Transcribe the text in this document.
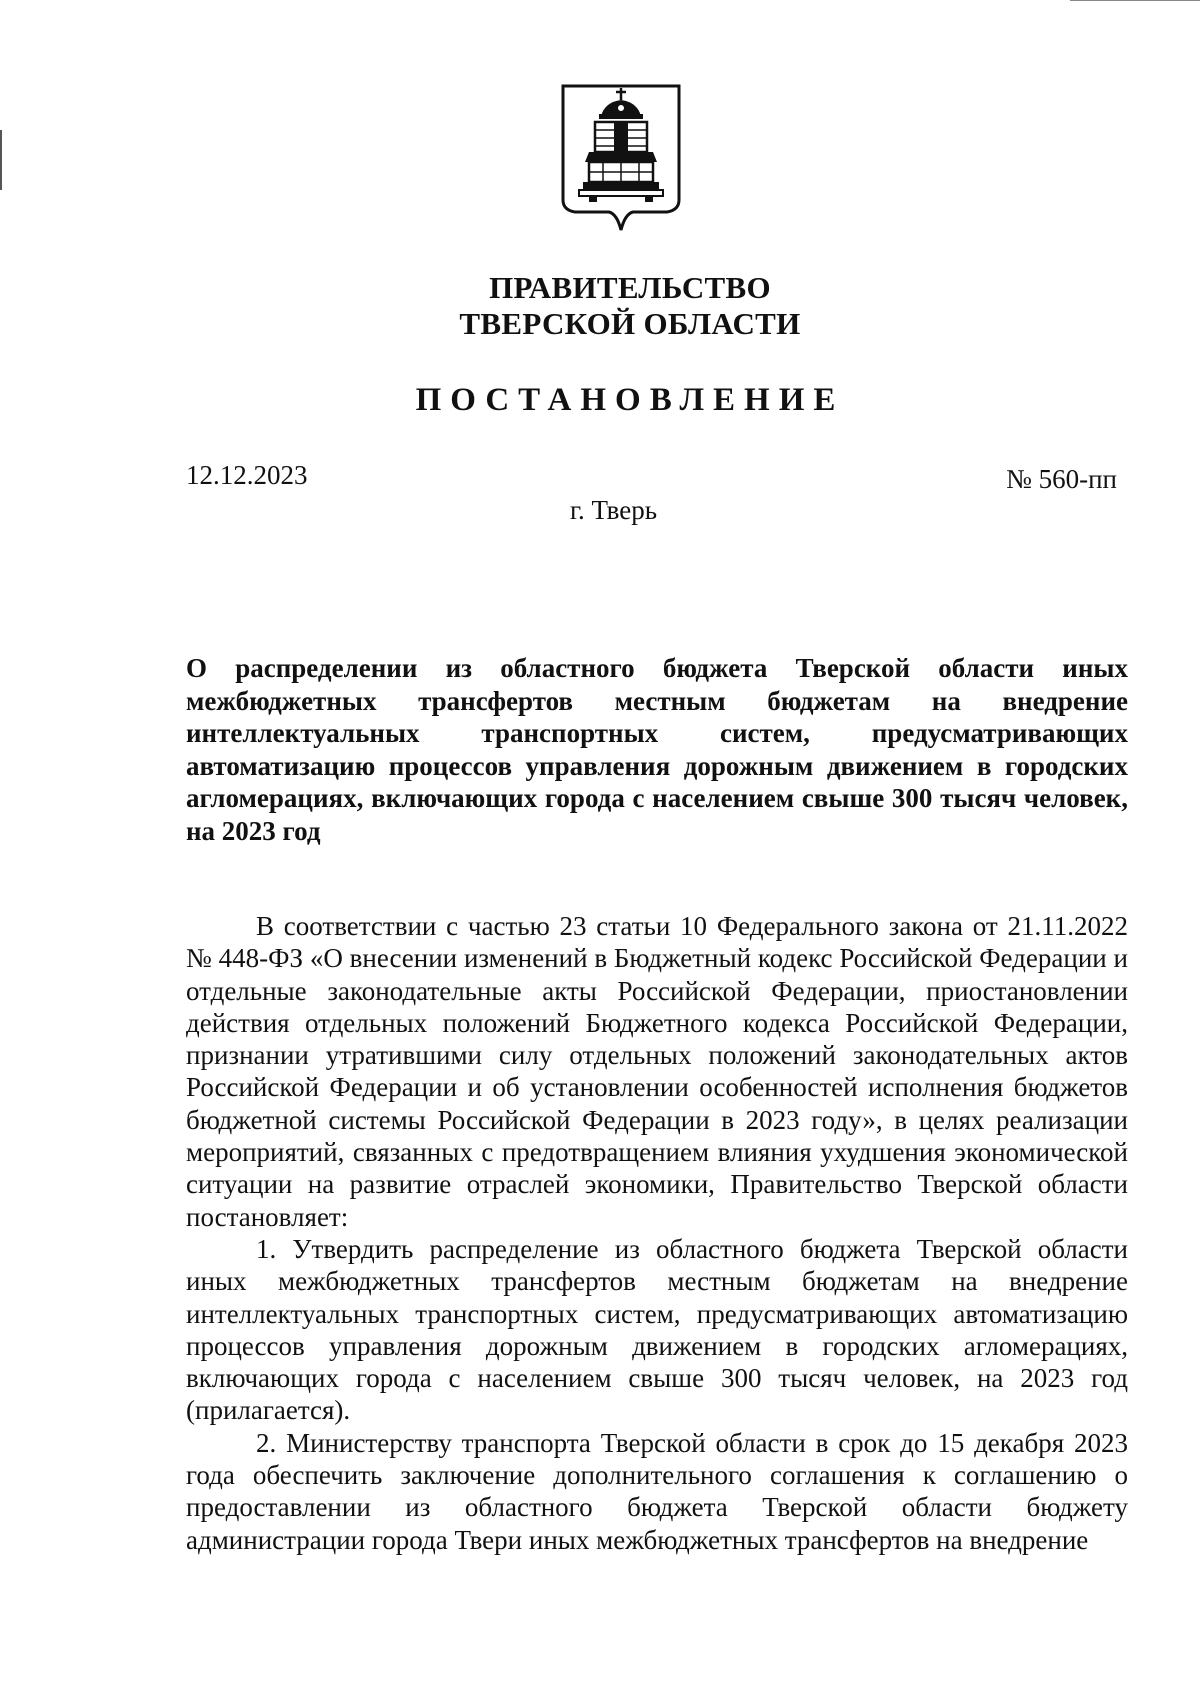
ПРАВИТЕЛЬСТВО
ТВЕРСКОЙ ОБЛАСТИ
ПОСТАНОВЛЕНИЕ
12.12.2023	№ 560-пп
г. Тверь
О распределении из областного бюджета Тверской области иных межбюджетных трансфертов местным бюджетам на внедрение интеллектуальных транспортных систем, предусматривающих автоматизацию процессов управления дорожным движением в городских агломерациях, включающих города с населением свыше 300 тысяч человек, на 2023 год

В соответствии с частью 23 статьи 10 Федерального закона от 21.11.2022 № 448-ФЗ «О внесении изменений в Бюджетный кодекс Российской Федерации и отдельные законодательные акты Российской Федерации, приостановлении действия отдельных положений Бюджетного кодекса Российской Федерации, признании утратившими силу отдельных положений законодательных актов Российской Федерации и об установлении особенностей исполнения бюджетов бюджетной системы Российской Федерации в 2023 году», в целях реализации мероприятий, связанных с предотвращением влияния ухудшения экономической ситуации на развитие отраслей экономики, Правительство Тверской области постановляет:

1. Утвердить распределение из областного бюджета Тверской области иных межбюджетных трансфертов местным бюджетам на внедрение интеллектуальных транспортных систем, предусматривающих автоматизацию процессов управления дорожным движением в городских агломерациях, включающих города с населением свыше 300 тысяч человек, на 2023 год (прилагается).

2. Министерству транспорта Тверской области в срок до 15 декабря 2023 года обеспечить заключение дополнительного соглашения к соглашению о предоставлении из областного бюджета Тверской области бюджету администрации города Твери иных межбюджетных трансфертов на внедрение
